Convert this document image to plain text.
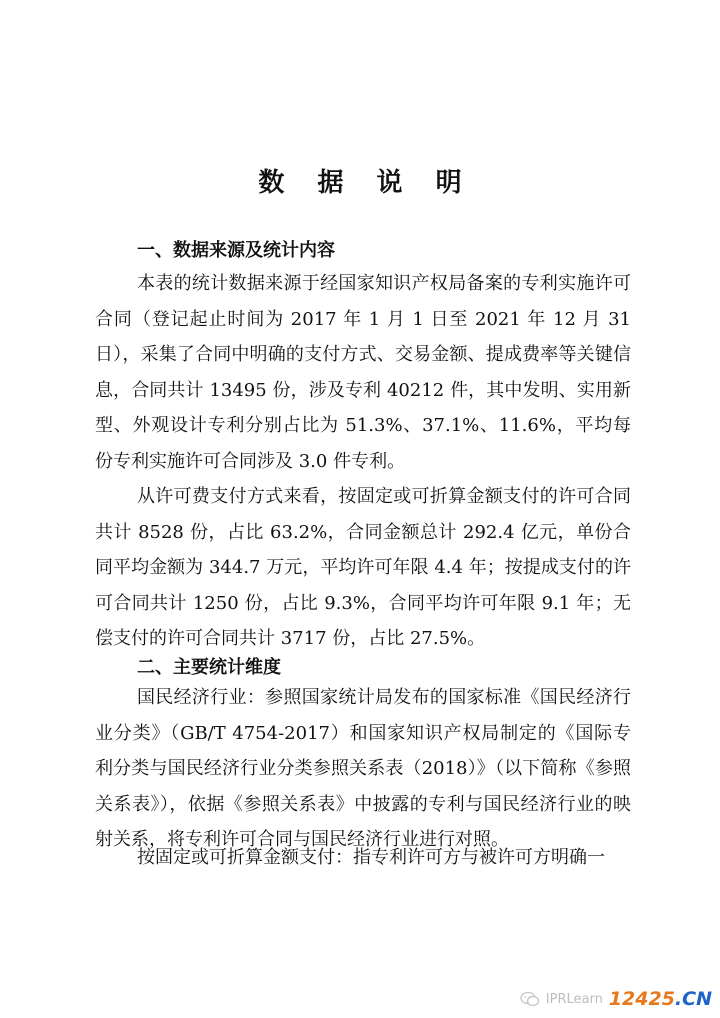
数 据 说 明
一、数据来源及统计内容
本表的统计数据来源于经国家知识产权局备案的专利实施许可合同（登记起止时间为 2017 年 1 月 1 日至 2021 年 12 月 31 日），采集了合同中明确的支付方式、交易金额、提成费率等关键信息，合同共计 13495 份，涉及专利 40212 件，其中发明、实用新型、外观设计专利分别占比为 51.3%、37.1%、11.6%，平均每份专利实施许可合同涉及 3.0 件专利。
从许可费支付方式来看，按固定或可折算金额支付的许可合同共计 8528 份，占比 63.2%，合同金额总计 292.4 亿元，单份合同平均金额为 344.7 万元，平均许可年限 4.4 年；按提成支付的许可合同共计 1250 份，占比 9.3%，合同平均许可年限 9.1 年；无偿支付的许可合同共计 3717 份，占比 27.5%。
二、主要统计维度
国民经济行业：参照国家统计局发布的国家标准《国民经济行业分类》（GB/T 4754-2017）和国家知识产权局制定的《国际专利分类与国民经济行业分类参照关系表（2018）》（以下简称《参照关系表》），依据《参照关系表》中披露的专利与国民经济行业的映射关系，将专利许可合同与国民经济行业进行对照。
按固定或可折算金额支付：指专利许可方与被许可方明确一
IPRLearn 12425.CN
